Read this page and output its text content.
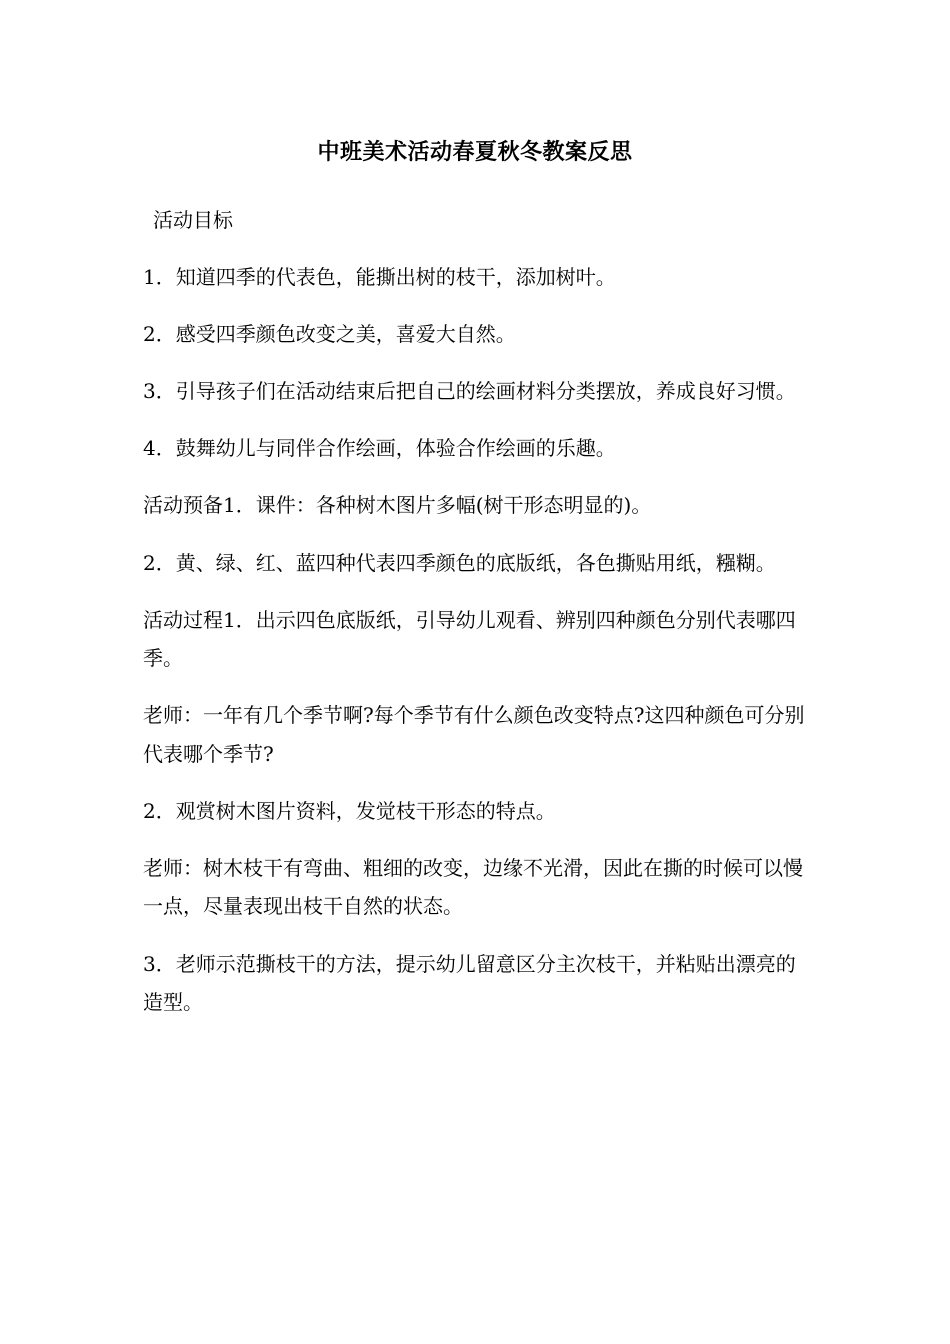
中班美术活动春夏秋冬教案反思

活动目标

1．知道四季的代表色，能撕出树的枝干，添加树叶。

2．感受四季颜色改变之美，喜爱大自然。

3．引导孩子们在活动结束后把自己的绘画材料分类摆放，养成良好习惯。

4．鼓舞幼儿与同伴合作绘画，体验合作绘画的乐趣。

活动预备1．课件：各种树木图片多幅(树干形态明显的)。

2．黄、绿、红、蓝四种代表四季颜色的底版纸，各色撕贴用纸，糨糊。

活动过程1．出示四色底版纸，引导幼儿观看、辨别四种颜色分别代表哪四季。

老师：一年有几个季节啊?每个季节有什么颜色改变特点?这四种颜色可分别代表哪个季节?

2．观赏树木图片资料，发觉枝干形态的特点。

老师：树木枝干有弯曲、粗细的改变，边缘不光滑，因此在撕的时候可以慢一点，尽量表现出枝干自然的状态。

3．老师示范撕枝干的方法，提示幼儿留意区分主次枝干，并粘贴出漂亮的造型。
